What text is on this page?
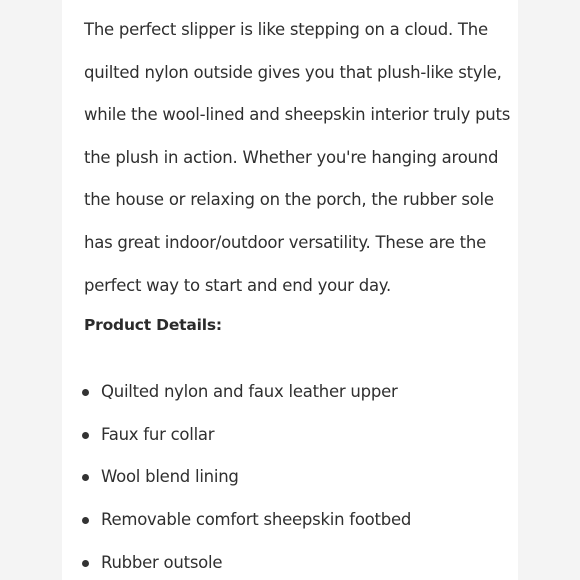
The perfect slipper is like stepping on a cloud. The quilted nylon outside gives you that plush-like style, while the wool-lined and sheepskin interior truly puts the plush in action. Whether you're hanging around the house or relaxing on the porch, the rubber sole has great indoor/outdoor versatility. These are the perfect way to start and end your day.

Product Details:

Quilted nylon and faux leather upper
Faux fur collar
Wool blend lining
Removable comfort sheepskin footbed
Rubber outsole
